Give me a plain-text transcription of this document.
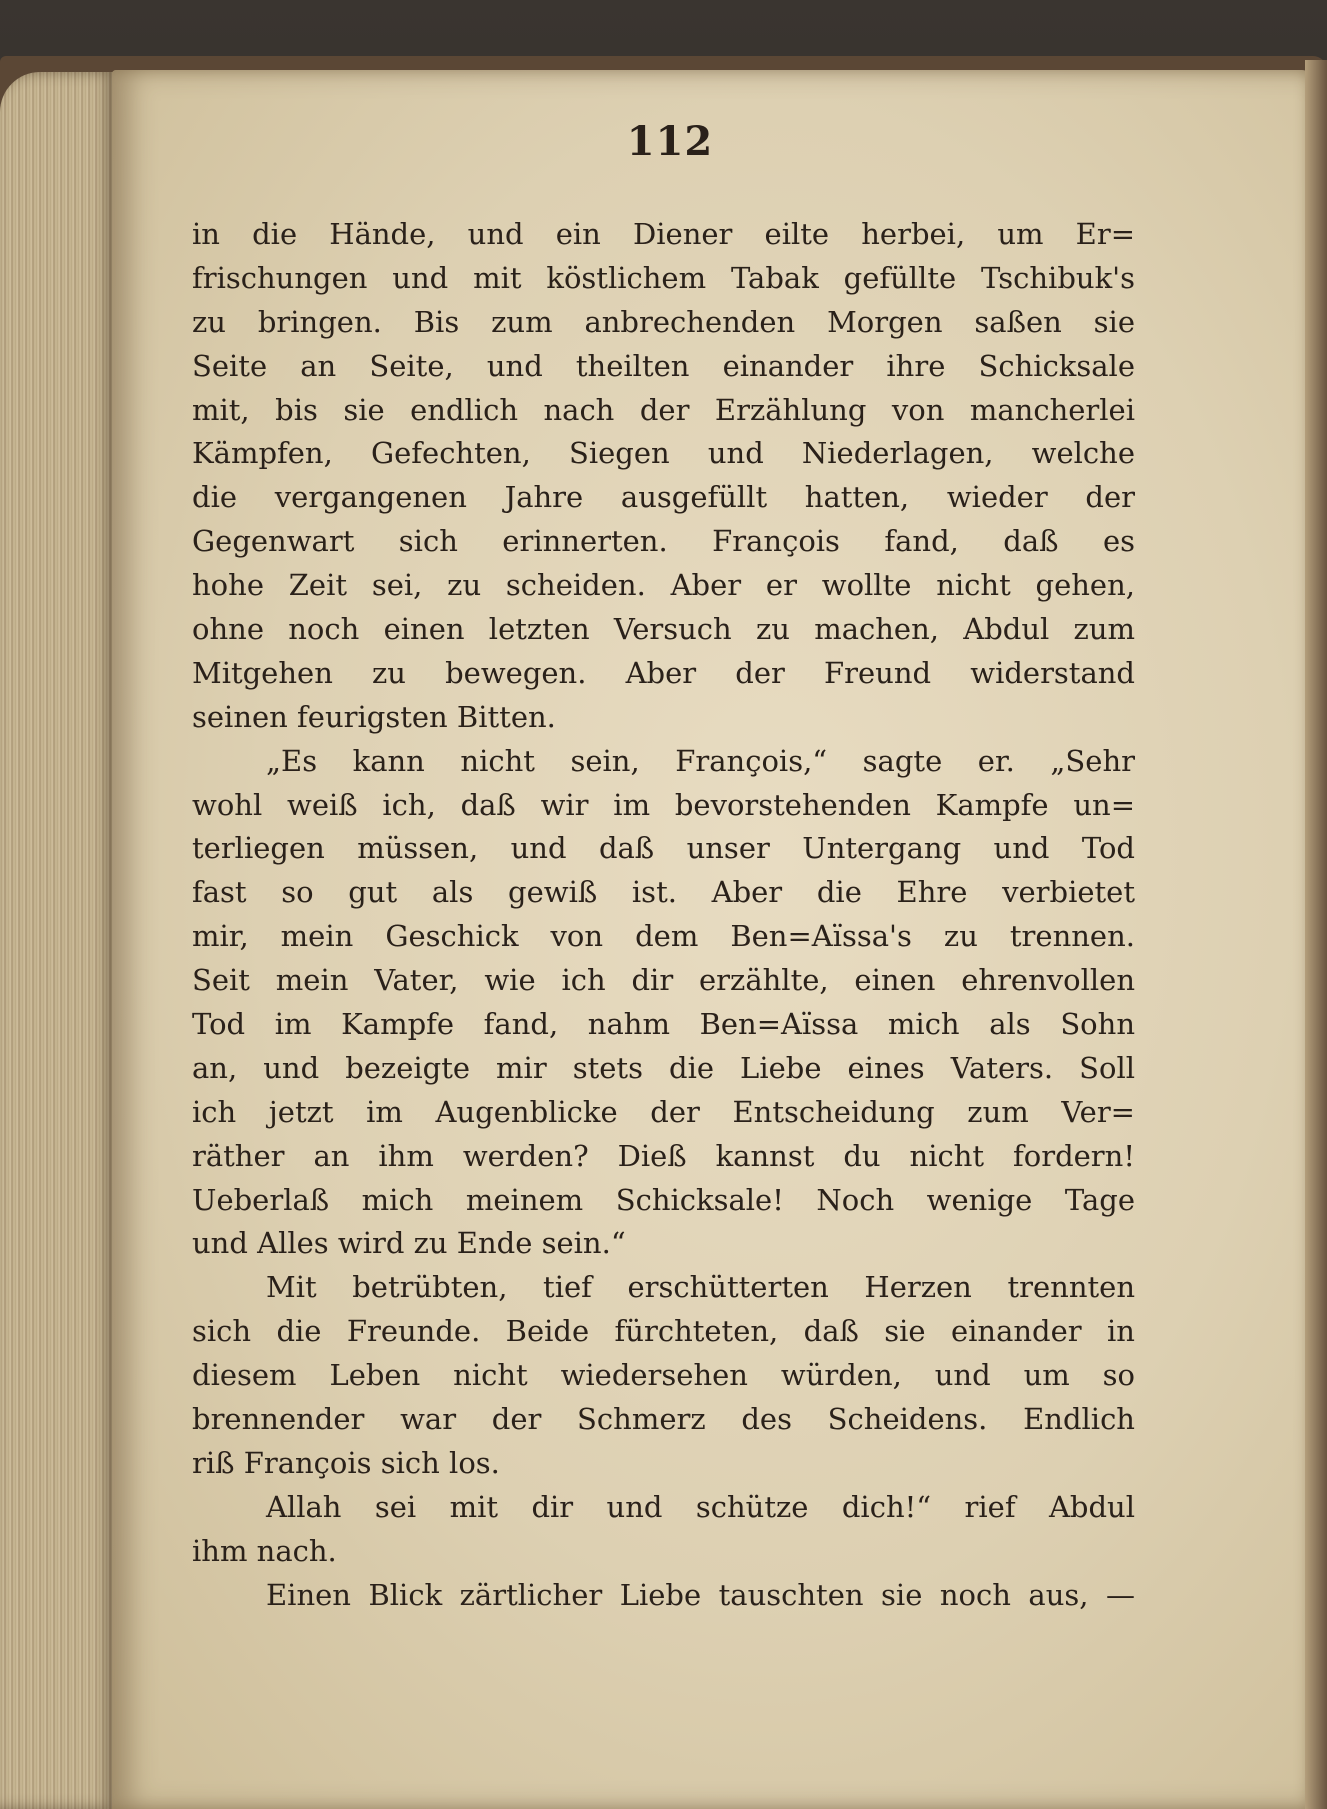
112
in die Hände, und ein Diener eilte herbei, um Er=
frischungen und mit köstlichem Tabak gefüllte Tschibuk's
zu bringen. Bis zum anbrechenden Morgen saßen sie
Seite an Seite, und theilten einander ihre Schicksale
mit, bis sie endlich nach der Erzählung von mancherlei
Kämpfen, Gefechten, Siegen und Niederlagen, welche
die vergangenen Jahre ausgefüllt hatten, wieder der
Gegenwart sich erinnerten. François fand, daß es
hohe Zeit sei, zu scheiden. Aber er wollte nicht gehen,
ohne noch einen letzten Versuch zu machen, Abdul zum
Mitgehen zu bewegen. Aber der Freund widerstand
seinen feurigsten Bitten.
„Es kann nicht sein, François,“ sagte er. „Sehr
wohl weiß ich, daß wir im bevorstehenden Kampfe un=
terliegen müssen, und daß unser Untergang und Tod
fast so gut als gewiß ist. Aber die Ehre verbietet
mir, mein Geschick von dem Ben=Aïssa's zu trennen.
Seit mein Vater, wie ich dir erzählte, einen ehrenvollen
Tod im Kampfe fand, nahm Ben=Aïssa mich als Sohn
an, und bezeigte mir stets die Liebe eines Vaters. Soll
ich jetzt im Augenblicke der Entscheidung zum Ver=
räther an ihm werden? Dieß kannst du nicht fordern!
Ueberlaß mich meinem Schicksale! Noch wenige Tage
und Alles wird zu Ende sein.“
Mit betrübten, tief erschütterten Herzen trennten
sich die Freunde. Beide fürchteten, daß sie einander in
diesem Leben nicht wiedersehen würden, und um so
brennender war der Schmerz des Scheidens. Endlich
riß François sich los.
Allah sei mit dir und schütze dich!“ rief Abdul
ihm nach.
Einen Blick zärtlicher Liebe tauschten sie noch aus, —
